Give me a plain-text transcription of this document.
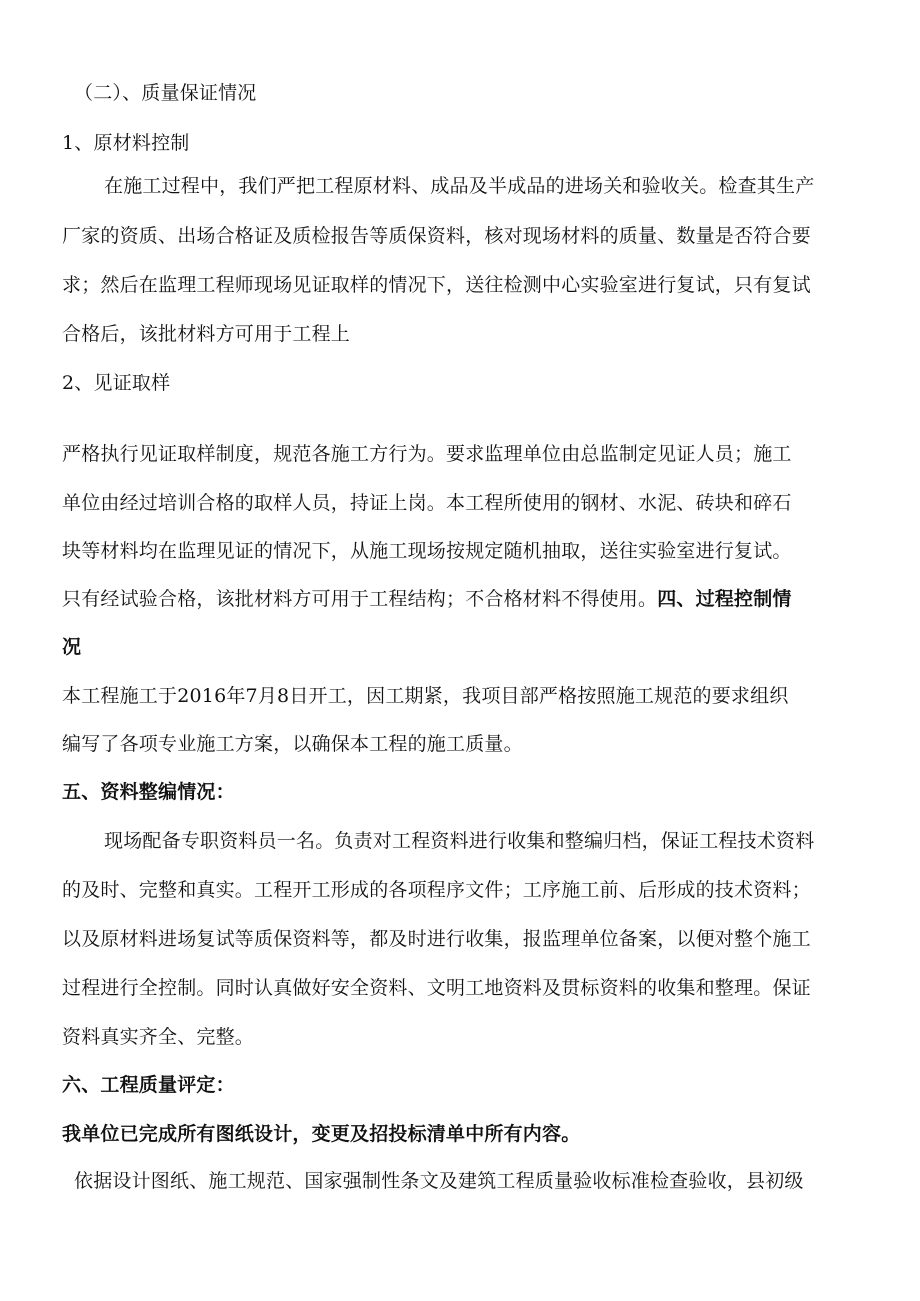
（二）、质量保证情况
1、原材料控制
在施工过程中，我们严把工程原材料、成品及半成品的进场关和验收关。检查其生产
厂家的资质、出场合格证及质检报告等质保资料，核对现场材料的质量、数量是否符合要
求；然后在监理工程师现场见证取样的情况下，送往检测中心实验室进行复试，只有复试
合格后，该批材料方可用于工程上
2、见证取样
严格执行见证取样制度，规范各施工方行为。要求监理单位由总监制定见证人员；施工
单位由经过培训合格的取样人员，持证上岗。本工程所使用的钢材、水泥、砖块和碎石
块等材料均在监理见证的情况下，从施工现场按规定随机抽取，送往实验室进行复试。
只有经试验合格，该批材料方可用于工程结构；不合格材料不得使用。四、过程控制情
况
本工程施工于2016年7月8日开工，因工期紧，我项目部严格按照施工规范的要求组织
编写了各项专业施工方案，以确保本工程的施工质量。
五、资料整编情况：
现场配备专职资料员一名。负责对工程资料进行收集和整编归档，保证工程技术资料
的及时、完整和真实。工程开工形成的各项程序文件；工序施工前、后形成的技术资料；
以及原材料进场复试等质保资料等，都及时进行收集，报监理单位备案，以便对整个施工
过程进行全控制。同时认真做好安全资料、文明工地资料及贯标资料的收集和整理。保证
资料真实齐全、完整。
六、工程质量评定：
我单位已完成所有图纸设计，变更及招投标清单中所有内容。
依据设计图纸、施工规范、国家强制性条文及建筑工程质量验收标准检查验收，县初级
